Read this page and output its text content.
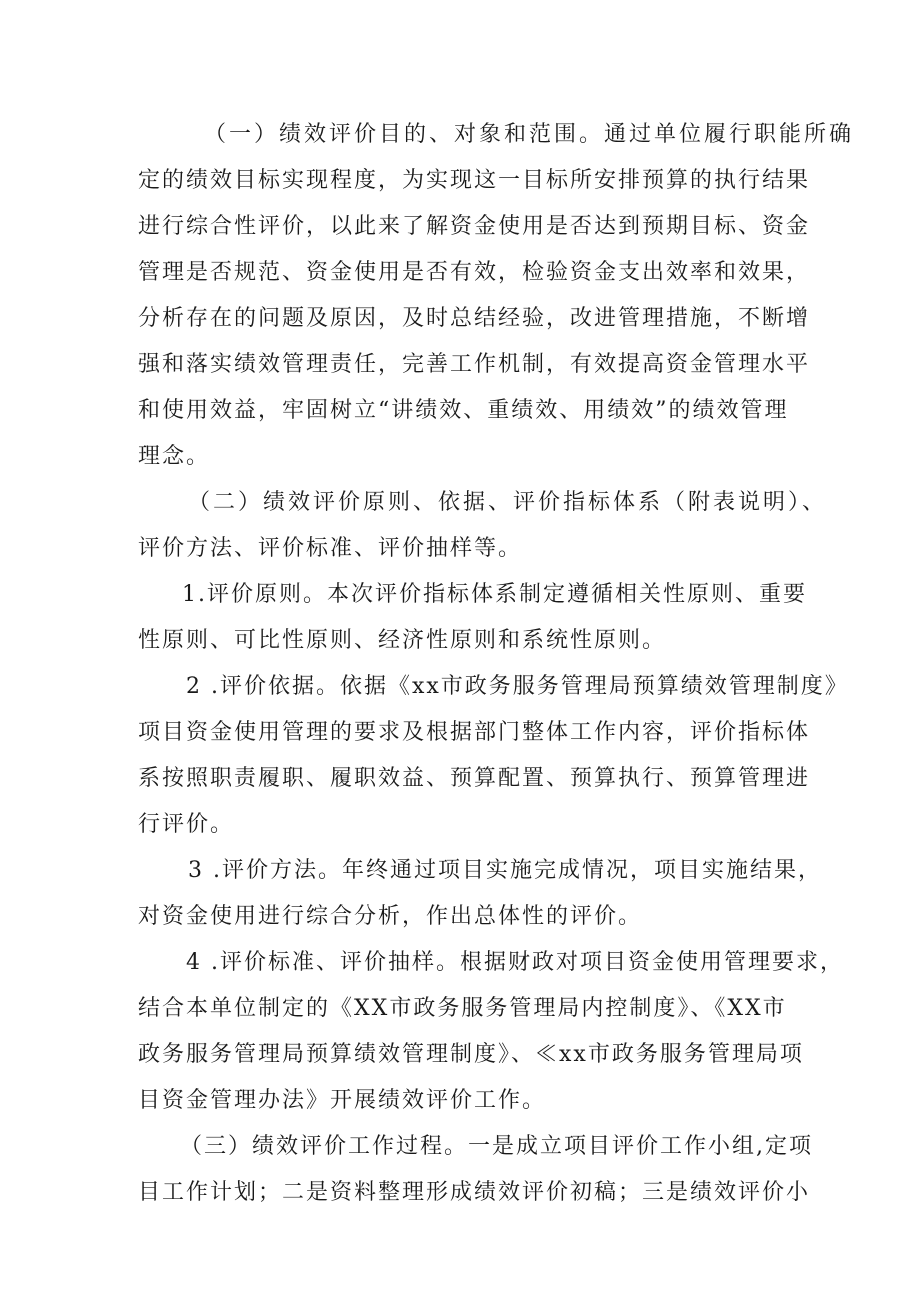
（一）绩效评价目的、对象和范围。通过单位履行职能所确
定的绩效目标实现程度，为实现这一目标所安排预算的执行结果
进行综合性评价，以此来了解资金使用是否达到预期目标、资金
管理是否规范、资金使用是否有效，检验资金支出效率和效果，
分析存在的问题及原因，及时总结经验，改进管理措施，不断增
强和落实绩效管理责任，完善工作机制，有效提高资金管理水平
和使用效益，牢固树立“讲绩效、重绩效、用绩效”的绩效管理
理念。
（二）绩效评价原则、依据、评价指标体系（附表说明）、
评价方法、评价标准、评价抽样等。
1.评价原则。本次评价指标体系制定遵循相关性原则、重要
性原则、可比性原则、经济性原则和系统性原则。
2 .评价依据。依据《xx市政务服务管理局预算绩效管理制度》
项目资金使用管理的要求及根据部门整体工作内容，评价指标体
系按照职责履职、履职效益、预算配置、预算执行、预算管理进
行评价。
3 .评价方法。年终通过项目实施完成情况，项目实施结果，
对资金使用进行综合分析，作出总体性的评价。
4 .评价标准、评价抽样。根据财政对项目资金使用管理要求，
结合本单位制定的《XX市政务服务管理局内控制度》、《XX市
政务服务管理局预算绩效管理制度》、≪xx市政务服务管理局项
目资金管理办法》开展绩效评价工作。
（三）绩效评价工作过程。一是成立项目评价工作小组,定项
目工作计划；二是资料整理形成绩效评价初稿；三是绩效评价小
